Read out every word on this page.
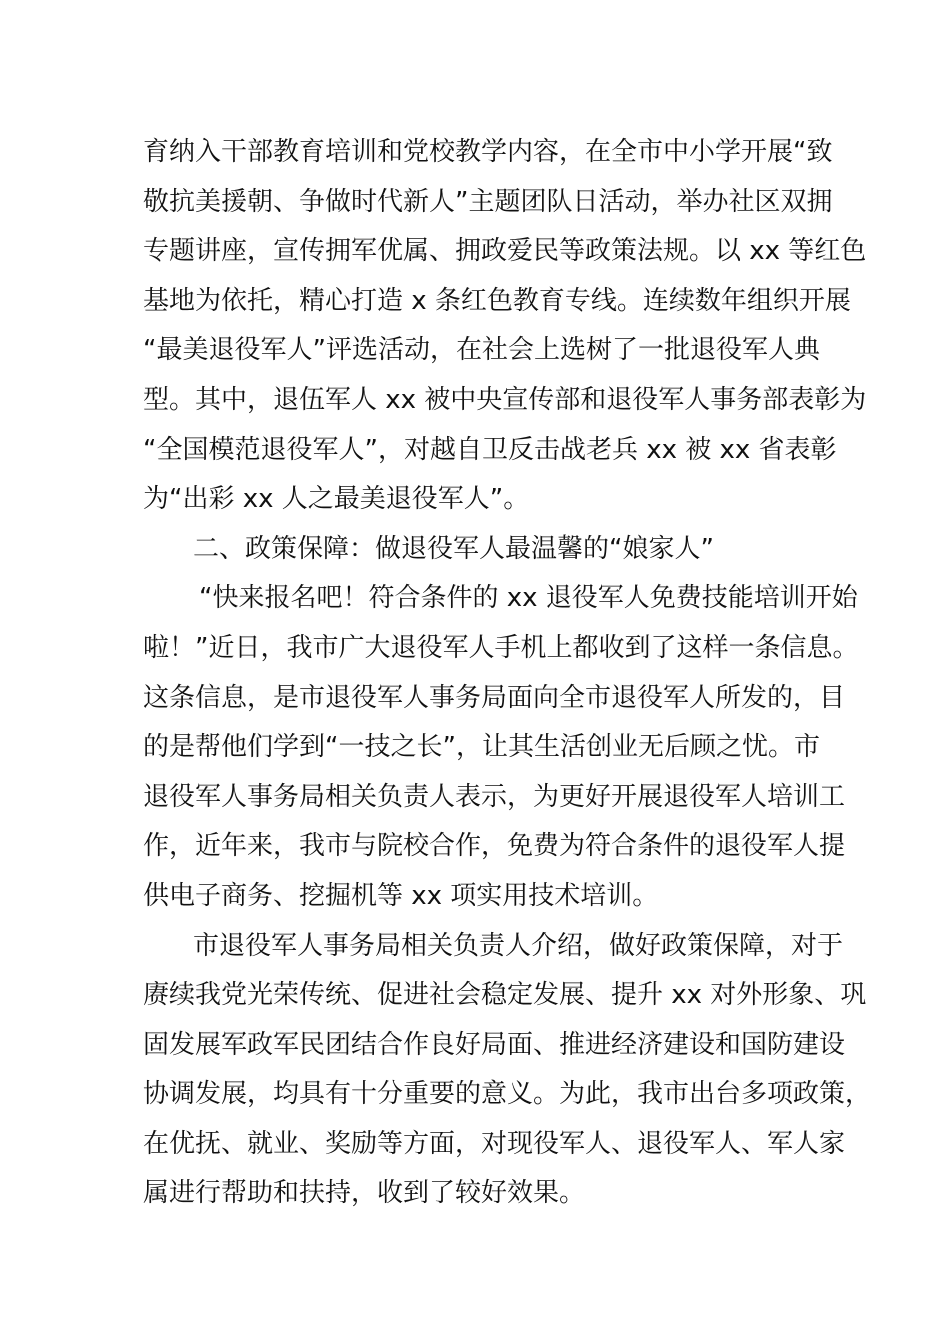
育纳入干部教育培训和党校教学内容，在全市中小学开展“致
敬抗美援朝、争做时代新人”主题团队日活动，举办社区双拥
专题讲座，宣传拥军优属、拥政爱民等政策法规。以 xx 等红色
基地为依托，精心打造 x 条红色教育专线。连续数年组织开展
“最美退役军人”评选活动，在社会上选树了一批退役军人典
型。其中，退伍军人 xx 被中央宣传部和退役军人事务部表彰为
“全国模范退役军人”，对越自卫反击战老兵 xx 被 xx 省表彰
为“出彩 xx 人之最美退役军人”。
二、政策保障：做退役军人最温馨的“娘家人”
“快来报名吧！符合条件的 xx 退役军人免费技能培训开始
啦！”近日，我市广大退役军人手机上都收到了这样一条信息。
这条信息，是市退役军人事务局面向全市退役军人所发的，目
的是帮他们学到“一技之长”，让其生活创业无后顾之忧。市
退役军人事务局相关负责人表示，为更好开展退役军人培训工
作，近年来，我市与院校合作，免费为符合条件的退役军人提
供电子商务、挖掘机等 xx 项实用技术培训。
市退役军人事务局相关负责人介绍，做好政策保障，对于
赓续我党光荣传统、促进社会稳定发展、提升 xx 对外形象、巩
固发展军政军民团结合作良好局面、推进经济建设和国防建设
协调发展，均具有十分重要的意义。为此，我市出台多项政策，
在优抚、就业、奖励等方面，对现役军人、退役军人、军人家
属进行帮助和扶持，收到了较好效果。
